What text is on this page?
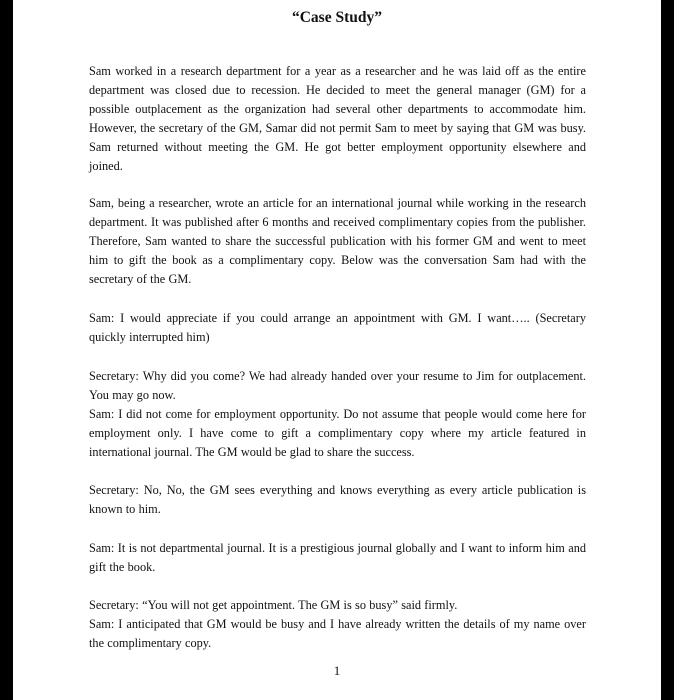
“Case Study”

Sam worked in a research department for a year as a researcher and he was laid off as the entire department was closed due to recession. He decided to meet the general manager (GM) for a possible outplacement as the organization had several other departments to accommodate him. However, the secretary of the GM, Samar did not permit Sam to meet by saying that GM was busy. Sam returned without meeting the GM. He got better employment opportunity elsewhere and joined.

Sam, being a researcher, wrote an article for an international journal while working in the research department. It was published after 6 months and received complimentary copies from the publisher. Therefore, Sam wanted to share the successful publication with his former GM and went to meet him to gift the book as a complimentary copy. Below was the conversation Sam had with the secretary of the GM.

Sam: I would appreciate if you could arrange an appointment with GM. I want….. (Secretary quickly interrupted him)

Secretary: Why did you come? We had already handed over your resume to Jim for outplacement. You may go now.
Sam: I did not come for employment opportunity. Do not assume that people would come here for employment only. I have come to gift a complimentary copy where my article featured in international journal. The GM would be glad to share the success.

Secretary: No, No, the GM sees everything and knows everything as every article publication is known to him.

Sam: It is not departmental journal. It is a prestigious journal globally and I want to inform him and gift the book.

Secretary: “You will not get appointment. The GM is so busy” said firmly.
Sam: I anticipated that GM would be busy and I have already written the details of my name over the complimentary copy.

1
